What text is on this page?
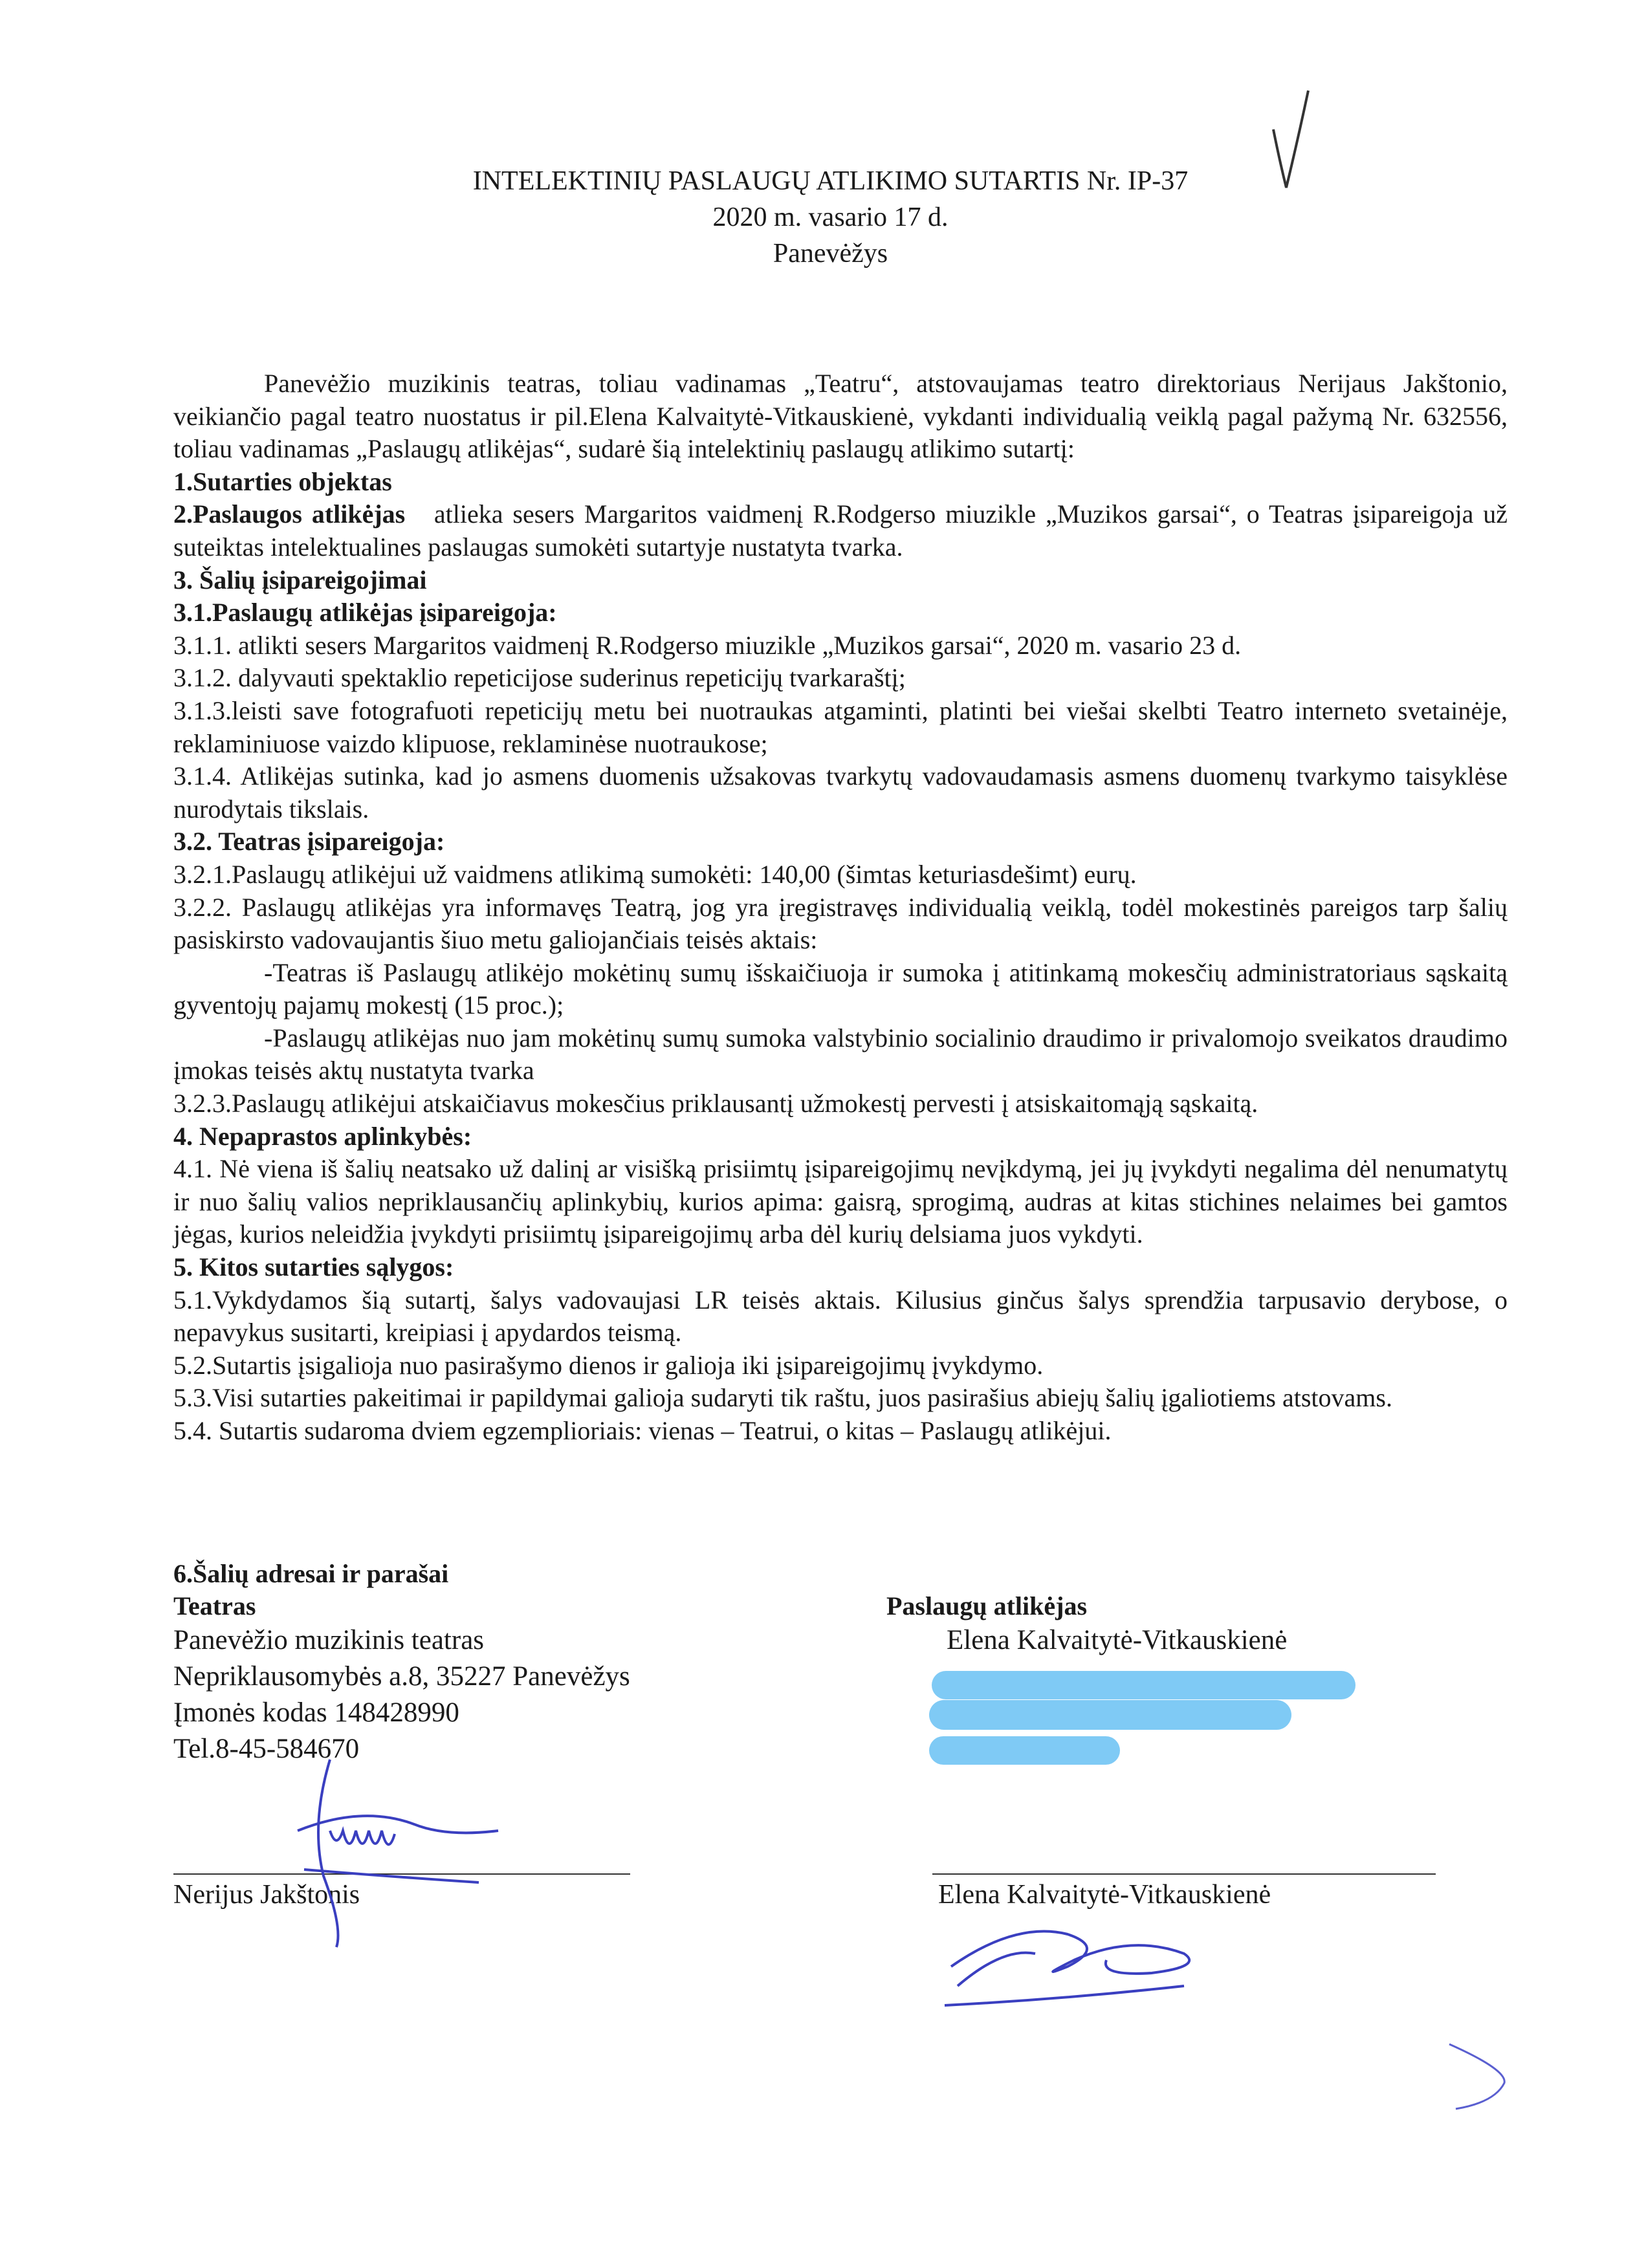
INTELEKTINIŲ PASLAUGŲ ATLIKIMO SUTARTIS Nr. IP-37
2020 m. vasario 17 d.
Panevėžys

Panevėžio muzikinis teatras, toliau vadinamas „Teatru“, atstovaujamas teatro direktoriaus Nerijaus Jakštonio, veikiančio pagal teatro nuostatus ir pil.Elena Kalvaitytė-Vitkauskienė, vykdanti individualią veiklą pagal pažymą Nr. 632556, toliau vadinamas „Paslaugų atlikėjas“, sudarė šią intelektinių paslaugų atlikimo sutartį:

1.Sutarties objektas

2.Paslaugos atlikėjas atlieka sesers Margaritos vaidmenį R.Rodgerso miuzikle „Muzikos garsai“, o Teatras įsipareigoja už suteiktas intelektualines paslaugas sumokėti sutartyje nustatyta tvarka.

3. Šalių įsipareigojimai

3.1.Paslaugų atlikėjas įsipareigoja:

3.1.1. atlikti sesers Margaritos vaidmenį R.Rodgerso miuzikle „Muzikos garsai“, 2020 m. vasario 23 d.

3.1.2. dalyvauti spektaklio repeticijose suderinus repeticijų tvarkaraštį;

3.1.3.leisti save fotografuoti repeticijų metu bei nuotraukas atgaminti, platinti bei viešai skelbti Teatro interneto svetainėje, reklaminiuose vaizdo klipuose, reklaminėse nuotraukose;

3.1.4. Atlikėjas sutinka, kad jo asmens duomenis užsakovas tvarkytų vadovaudamasis asmens duomenų tvarkymo taisyklėse nurodytais tikslais.

3.2. Teatras įsipareigoja:

3.2.1.Paslaugų atlikėjui už vaidmens atlikimą sumokėti: 140,00 (šimtas keturiasdešimt) eurų.

3.2.2. Paslaugų atlikėjas yra informavęs Teatrą, jog yra įregistravęs individualią veiklą, todėl mokestinės pareigos tarp šalių pasiskirsto vadovaujantis šiuo metu galiojančiais teisės aktais:

-Teatras iš Paslaugų atlikėjo mokėtinų sumų išskaičiuoja ir sumoka į atitinkamą mokesčių administratoriaus sąskaitą gyventojų pajamų mokestį (15 proc.);

-Paslaugų atlikėjas nuo jam mokėtinų sumų sumoka valstybinio socialinio draudimo ir privalomojo sveikatos draudimo įmokas teisės aktų nustatyta tvarka

3.2.3.Paslaugų atlikėjui atskaičiavus mokesčius priklausantį užmokestį pervesti į atsiskaitomąją sąskaitą.

4. Nepaprastos aplinkybės:

4.1. Nė viena iš šalių neatsako už dalinį ar visišką prisiimtų įsipareigojimų nevįkdymą, jei jų įvykdyti negalima dėl nenumatytų ir nuo šalių valios nepriklausančių aplinkybių, kurios apima: gaisrą, sprogimą, audras at kitas stichines nelaimes bei gamtos jėgas, kurios neleidžia įvykdyti prisiimtų įsipareigojimų arba dėl kurių delsiama juos vykdyti.

5. Kitos sutarties sąlygos:

5.1.Vykdydamos šią sutartį, šalys vadovaujasi LR teisės aktais. Kilusius ginčus šalys sprendžia tarpusavio derybose, o nepavykus susitarti, kreipiasi į apydardos teismą.

5.2.Sutartis įsigalioja nuo pasirašymo dienos ir galioja iki įsipareigojimų įvykdymo.

5.3.Visi sutarties pakeitimai ir papildymai galioja sudaryti tik raštu, juos pasirašius abiejų šalių įgaliotiems atstovams.

5.4. Sutartis sudaroma dviem egzemplioriais: vienas – Teatrui, o kitas – Paslaugų atlikėjui.

6.Šalių adresai ir parašai
Teatras
Panevėžio muzikinis teatras
Nepriklausomybės a.8, 35227 Panevėžys
Įmonės kodas 148428990
Tel.8-45-584670
Paslaugų atlikėjas
Elena Kalvaitytė-Vitkauskienė
Nerijus Jakštonis	Elena Kalvaitytė-Vitkauskienė
